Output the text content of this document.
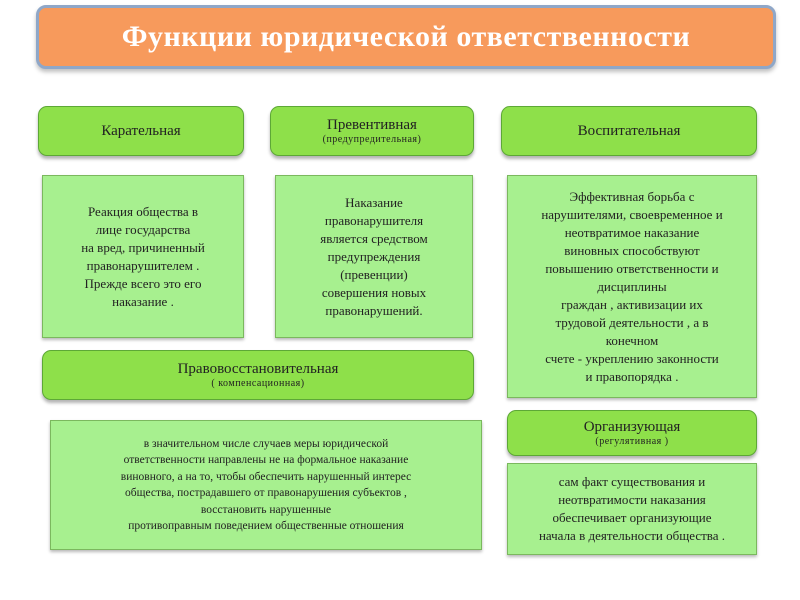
Функции юридической ответственности
Карательная
Реакция общества в
лице государства
на вред, причиненный
правонарушителем .
Прежде всего это его
наказание .
Превентивная
(предупредительная)
Наказание
правонарушителя
является средством
предупреждения
(превенции)
совершения новых
правонарушений.
Воспитательная
Эффективная борьба с
нарушителями, своевременное и
неотвратимое наказание
виновных способствуют
повышению ответственности и
дисциплины
граждан , активизации их
трудовой деятельности , а в
конечном
счете - укреплению законности
и правопорядка .
Правовосстановительная
( компенсационная)
в значительном числе случаев меры юридической
ответственности направлены не на формальное наказание
виновного, а на то, чтобы обеспечить нарушенный интерес
общества, пострадавшего от правонарушения субъектов ,
восстановить нарушенные
противоправным поведением общественные отношения
Организующая
(регулятивная )
сам факт существования и
неотвратимости наказания
обеспечивает организующие
начала в деятельности общества .
